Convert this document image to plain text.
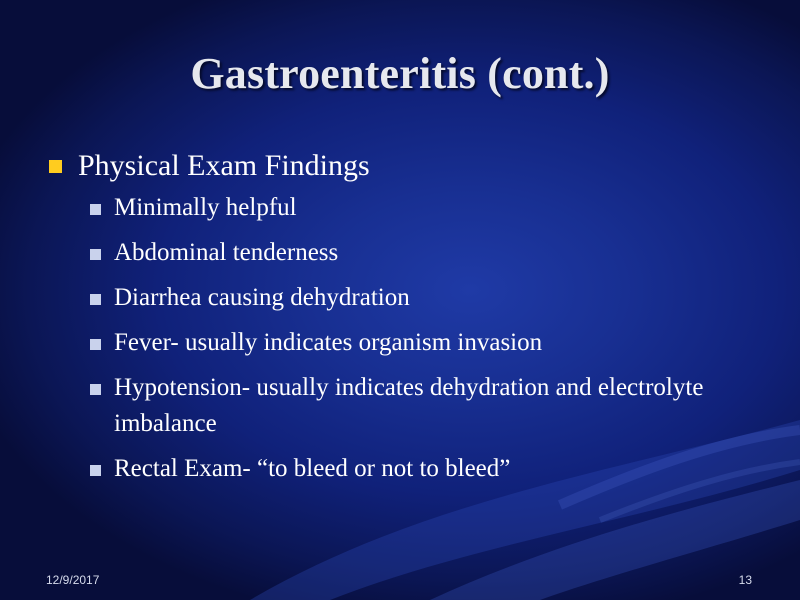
Gastroenteritis (cont.)
Physical Exam Findings
Minimally helpful
Abdominal tenderness
Diarrhea causing dehydration
Fever- usually indicates organism invasion
Hypotension- usually indicates dehydration and electrolyte imbalance
Rectal Exam- “to bleed or not to bleed”
12/9/2017	13
